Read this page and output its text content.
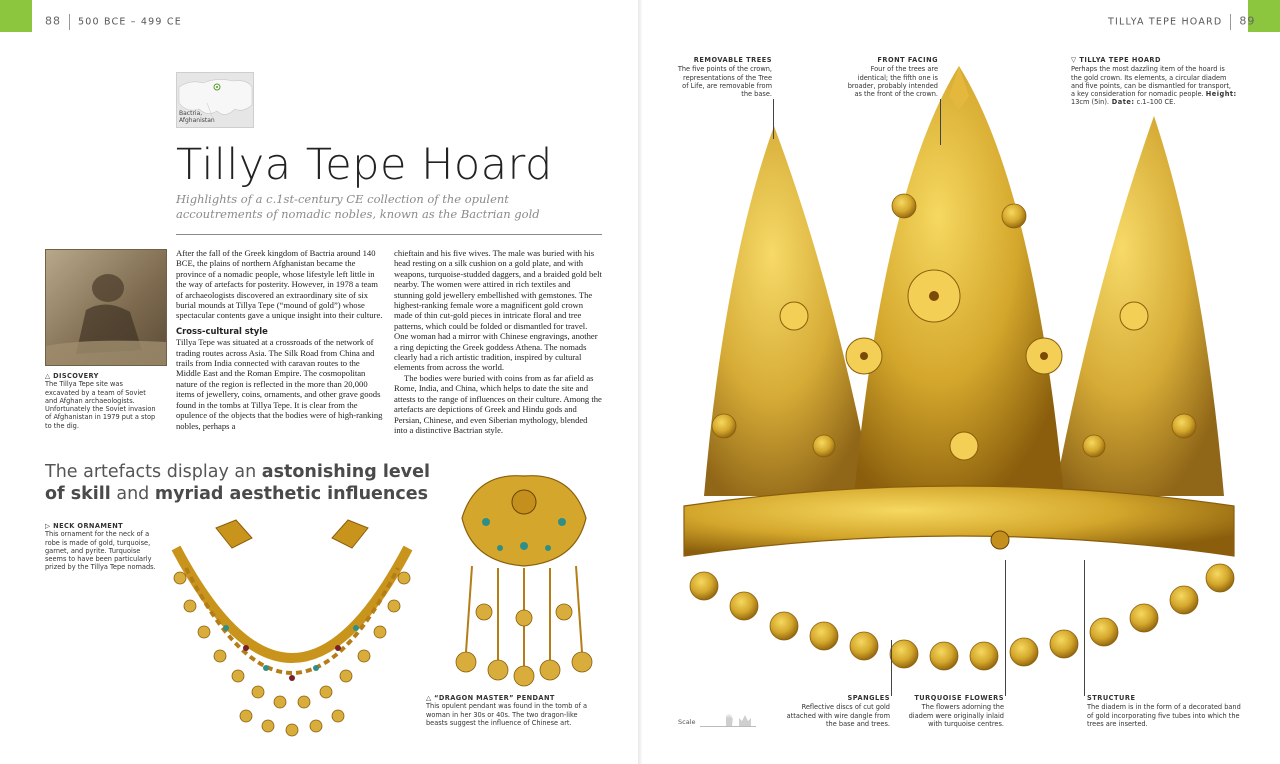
88 500 BCE – 499 CE
Bactria, Afghanistan
Tillya Tepe Hoard
Highlights of a c.1st-century CE collection of the opulent accoutrements of nomadic nobles, known as the Bactrian gold
△ DISCOVERY
The Tillya Tepe site was excavated by a team of Soviet and Afghan archaeologists. Unfortunately the Soviet invasion of Afghanistan in 1979 put a stop to the dig.

After the fall of the Greek kingdom of Bactria around 140 BCE, the plains of northern Afghanistan became the province of a nomadic people, whose lifestyle left little in the way of artefacts for posterity. However, in 1978 a team of archaeologists discovered an extraordinary site of six burial mounds at Tillya Tepe (“mound of gold”) whose spectacular contents gave a unique insight into their culture.

Cross-cultural style

Tillya Tepe was situated at a crossroads of the network of trading routes across Asia. The Silk Road from China and trails from India connected with caravan routes to the Middle East and the Roman Empire. The cosmopolitan nature of the region is reflected in the more than 20,000 items of jewellery, coins, ornaments, and other grave goods found in the tombs at Tillya Tepe. It is clear from the opulence of the objects that the bodies were of high-ranking nobles, perhaps a

chieftain and his five wives. The male was buried with his head resting on a silk cushion on a gold plate, and with weapons, turquoise-studded daggers, and a braided gold belt nearby. The women were attired in rich textiles and stunning gold jewellery embellished with gemstones. The highest-ranking female wore a magnificent gold crown made of thin cut-gold pieces in intricate floral and tree patterns, which could be folded or dismantled for travel. One woman had a mirror with Chinese engravings, another a ring depicting the Greek goddess Athena. The nomads clearly had a rich artistic tradition, inspired by cultural elements from across the world.

The bodies were buried with coins from as far afield as Rome, India, and China, which helps to date the site and attests to the range of influences on their culture. Among the artefacts are depictions of Greek and Hindu gods and Persian, Chinese, and even Siberian mythology, blended into a distinctive Bactrian style.

The artefacts display an astonishing level of skill and myriad aesthetic influences
▷ NECK ORNAMENT
This ornament for the neck of a robe is made of gold, turquoise, garnet, and pyrite. Turquoise seems to have been particularly prized by the Tillya Tepe nomads.
△ “DRAGON MASTER” PENDANT
This opulent pendant was found in the tomb of a woman in her 30s or 40s. The two dragon-like beasts suggest the influence of Chinese art.
TILLYA TEPE HOARD 89
REMOVABLE TREES
The five points of the crown, representations of the Tree of Life, are removable from the base.
FRONT FACING
Four of the trees are identical; the fifth one is broader, probably intended as the front of the crown.
▽ TILLYA TEPE HOARD
Perhaps the most dazzling item of the hoard is the gold crown. Its elements, a circular diadem and five points, can be dismantled for transport, a key consideration for nomadic people. Height: 13cm (5in). Date: c.1–100 CE.
SPANGLES
Reflective discs of cut gold attached with wire dangle from the base and trees.
TURQUOISE FLOWERS
The flowers adorning the diadem were originally inlaid with turquoise centres.
STRUCTURE
The diadem is in the form of a decorated band of gold incorporating five tubes into which the trees are inserted.
Scale
